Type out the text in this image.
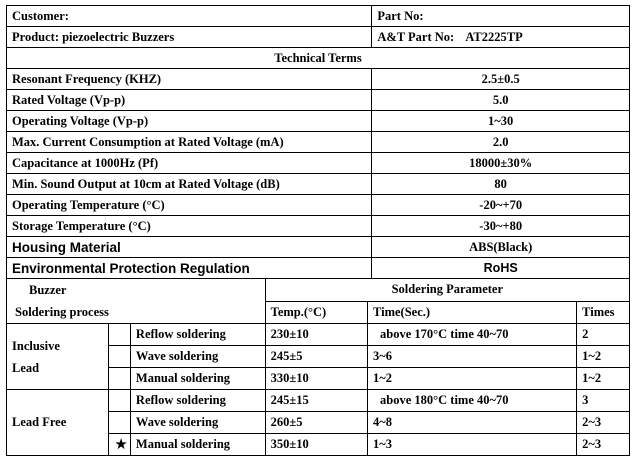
Customer:					Part No:	
Product: piezoelectric Buzzers					A&T Part No: AT2225TP	
Technical Terms						
Resonant Frequency (KHZ)					2.5±0.5	
Rated Voltage (Vp-p)					5.0	
Operating Voltage (Vp-p)					1~30	
Max. Current Consumption at Rated Voltage (mA)					2.0	
Capacitance at 1000Hz (Pf)					18000±30%	
Min. Sound Output at 10cm at Rated Voltage (dB)					80	
Operating Temperature (°C)					-20~+70	
Storage Temperature (°C)					-30~+80	
Housing Material					ABS(Black)	
Environmental Protection Regulation					RoHS	

Buzzer
Soldering process			Soldering Parameter			
			Temp.(°C)	Time(Sec.)		Times

Inclusive
Lead		Reflow soldering	230±10	above 170°C time 40~70		2
		Wave soldering	245±5	3~6		1~2
		Manual soldering	330±10	1~2		1~2

Lead Free		Reflow soldering	245±15	above 180°C time 40~70		3
		Wave soldering	260±5	4~8		2~3
	★	Manual soldering	350±10	1~3		2~3
